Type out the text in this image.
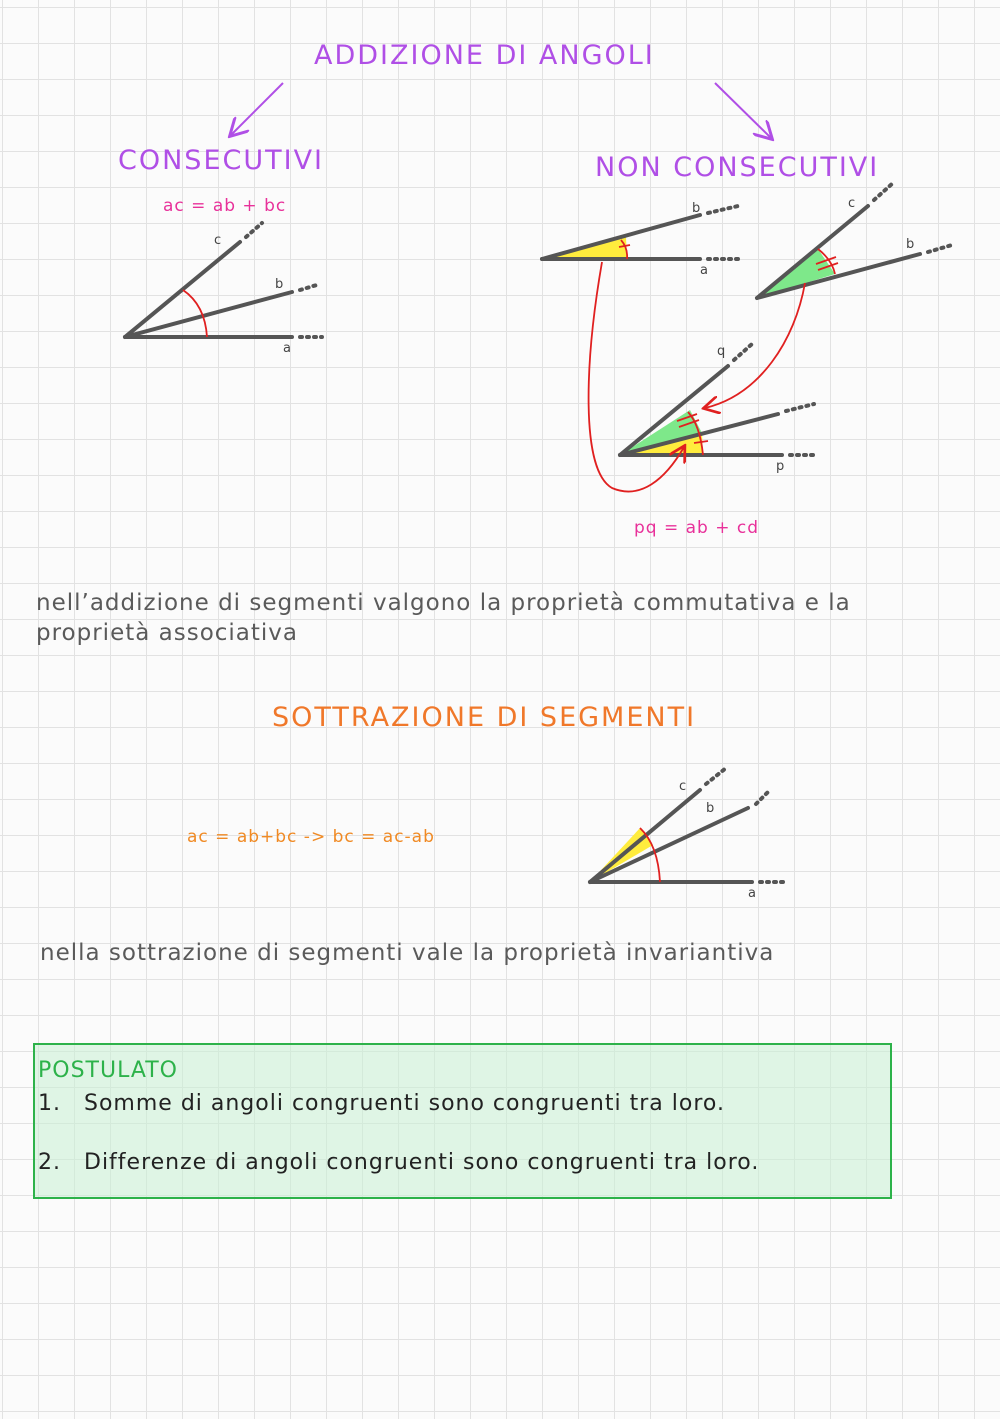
ADDIZIONE DI ANGOLI
CONSECUTIVI	NON CONSECUTIVI
ac = ab + bc
pq = ab + cd
ac = ab+bc -> bc = ac-ab
c
b
a
b
a
c
b
q
p
c
b
a
nell’addizione di segmenti valgono la proprietà commutativa e la
proprietà associativa
SOTTRAZIONE DI SEGMENTI
nella sottrazione di segmenti vale la proprietà invariantiva
POSTULATO
1. Somme di angoli congruenti sono congruenti tra loro.
2. Differenze di angoli congruenti sono congruenti tra loro.
